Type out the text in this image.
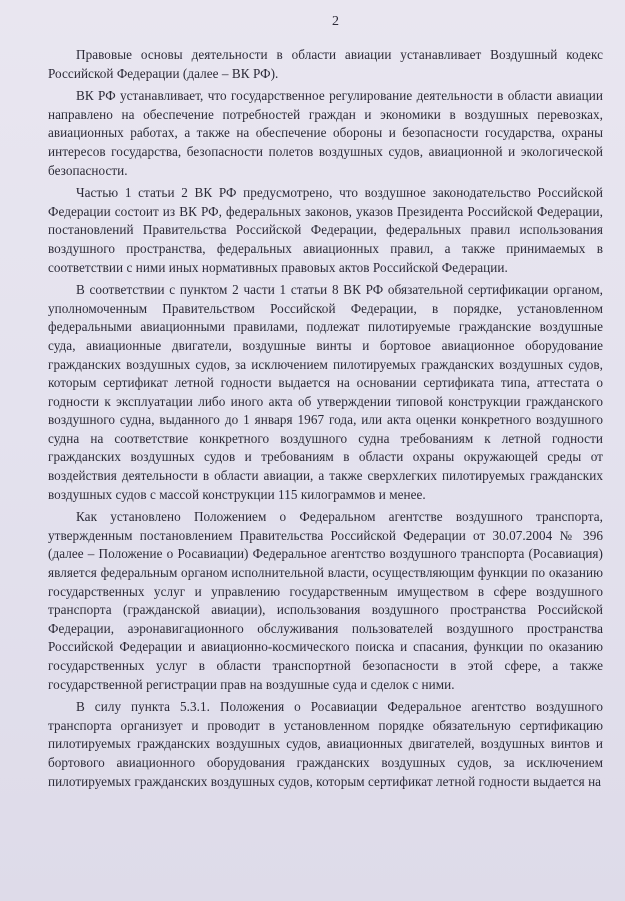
2

Правовые основы деятельности в области авиации устанавливает Воздушный кодекс Российской Федерации (далее – ВК РФ).

ВК РФ устанавливает, что государственное регулирование деятельности в области авиации направлено на обеспечение потребностей граждан и экономики в воздушных перевозках, авиационных работах, а также на обеспечение обороны и безопасности государства, охраны интересов государства, безопасности полетов воздушных судов, авиационной и экологической безопасности.

Частью 1 статьи 2 ВК РФ предусмотрено, что воздушное законодательство Российской Федерации состоит из ВК РФ, федеральных законов, указов Президента Российской Федерации, постановлений Правительства Российской Федерации, федеральных правил использования воздушного пространства, федеральных авиационных правил, а также принимаемых в соответствии с ними иных нормативных правовых актов Российской Федерации.

В соответствии с пунктом 2 части 1 статьи 8 ВК РФ обязательной сертификации органом, уполномоченным Правительством Российской Федерации, в порядке, установленном федеральными авиационными правилами, подлежат пилотируемые гражданские воздушные суда, авиационные двигатели, воздушные винты и бортовое авиационное оборудование гражданских воздушных судов, за исключением пилотируемых гражданских воздушных судов, которым сертификат летной годности выдается на основании сертификата типа, аттестата о годности к эксплуатации либо иного акта об утверждении типовой конструкции гражданского воздушного судна, выданного до 1 января 1967 года, или акта оценки конкретного воздушного судна на соответствие конкретного воздушного судна требованиям к летной годности гражданских воздушных судов и требованиям в области охраны окружающей среды от воздействия деятельности в области авиации, а также сверхлегких пилотируемых гражданских воздушных судов с массой конструкции 115 килограммов и менее.

Как установлено Положением о Федеральном агентстве воздушного транспорта, утвержденным постановлением Правительства Российской Федерации от 30.07.2004 № 396 (далее – Положение о Росавиации) Федеральное агентство воздушного транспорта (Росавиация) является федеральным органом исполнительной власти, осуществляющим функции по оказанию государственных услуг и управлению государственным имуществом в сфере воздушного транспорта (гражданской авиации), использования воздушного пространства Российской Федерации, аэронавигационного обслуживания пользователей воздушного пространства Российской Федерации и авиационно-космического поиска и спасания, функции по оказанию государственных услуг в области транспортной безопасности в этой сфере, а также государственной регистрации прав на воздушные суда и сделок с ними.

В силу пункта 5.3.1. Положения о Росавиации Федеральное агентство воздушного транспорта организует и проводит в установленном порядке обязательную сертификацию пилотируемых гражданских воздушных судов, авиационных двигателей, воздушных винтов и бортового авиационного оборудования гражданских воздушных судов, за исключением пилотируемых гражданских воздушных судов, которым сертификат летной годности выдается на
